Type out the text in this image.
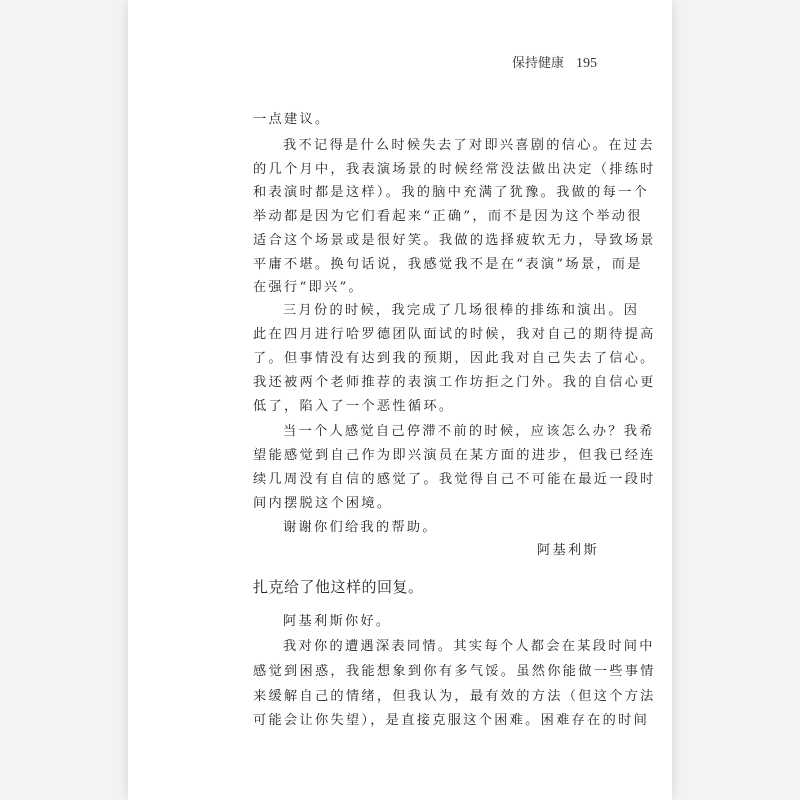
保持健康 195
一点建议。
我不记得是什么时候失去了对即兴喜剧的信心。在过去
的几个月中，我表演场景的时候经常没法做出决定（排练时
和表演时都是这样）。我的脑中充满了犹豫。我做的每一个
举动都是因为它们看起来“正确”，而不是因为这个举动很
适合这个场景或是很好笑。我做的选择疲软无力，导致场景
平庸不堪。换句话说，我感觉我不是在“表演”场景，而是
在强行“即兴”。
三月份的时候，我完成了几场很棒的排练和演出。因
此在四月进行哈罗德团队面试的时候，我对自己的期待提高
了。但事情没有达到我的预期，因此我对自己失去了信心。
我还被两个老师推荐的表演工作坊拒之门外。我的自信心更
低了，陷入了一个恶性循环。
当一个人感觉自己停滞不前的时候，应该怎么办？我希
望能感觉到自己作为即兴演员在某方面的进步，但我已经连
续几周没有自信的感觉了。我觉得自己不可能在最近一段时
间内摆脱这个困境。
谢谢你们给我的帮助。
阿基利斯
扎克给了他这样的回复。
阿基利斯你好。
我对你的遭遇深表同情。其实每个人都会在某段时间中
感觉到困惑，我能想象到你有多气馁。虽然你能做一些事情
来缓解自己的情绪，但我认为，最有效的方法（但这个方法
可能会让你失望），是直接克服这个困难。困难存在的时间
